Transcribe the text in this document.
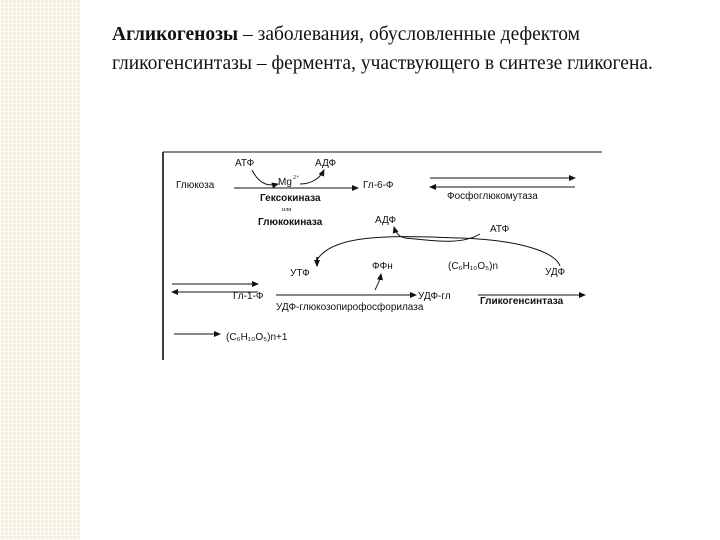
Агликогенозы – заболевания, обусловленные дефектом гликогенсинтазы – фермента, участвующего в синтезе гликогена.
АТФ	АДФ
Глюкоза	Mg 2+
Гл-6-Ф
Гексокиназа
или
Глюкокиназа
Фосфоглюкомутаза
АДФ
АТФ
УТФ
ФФн	(C₆H₁₀O₅)n
УДФ
Гл-1-Ф	УДФ-гл	Гликогенсинтаза
УДФ-глюкозопирофосфорилаза
(C₆H₁₀O₅)n+1
